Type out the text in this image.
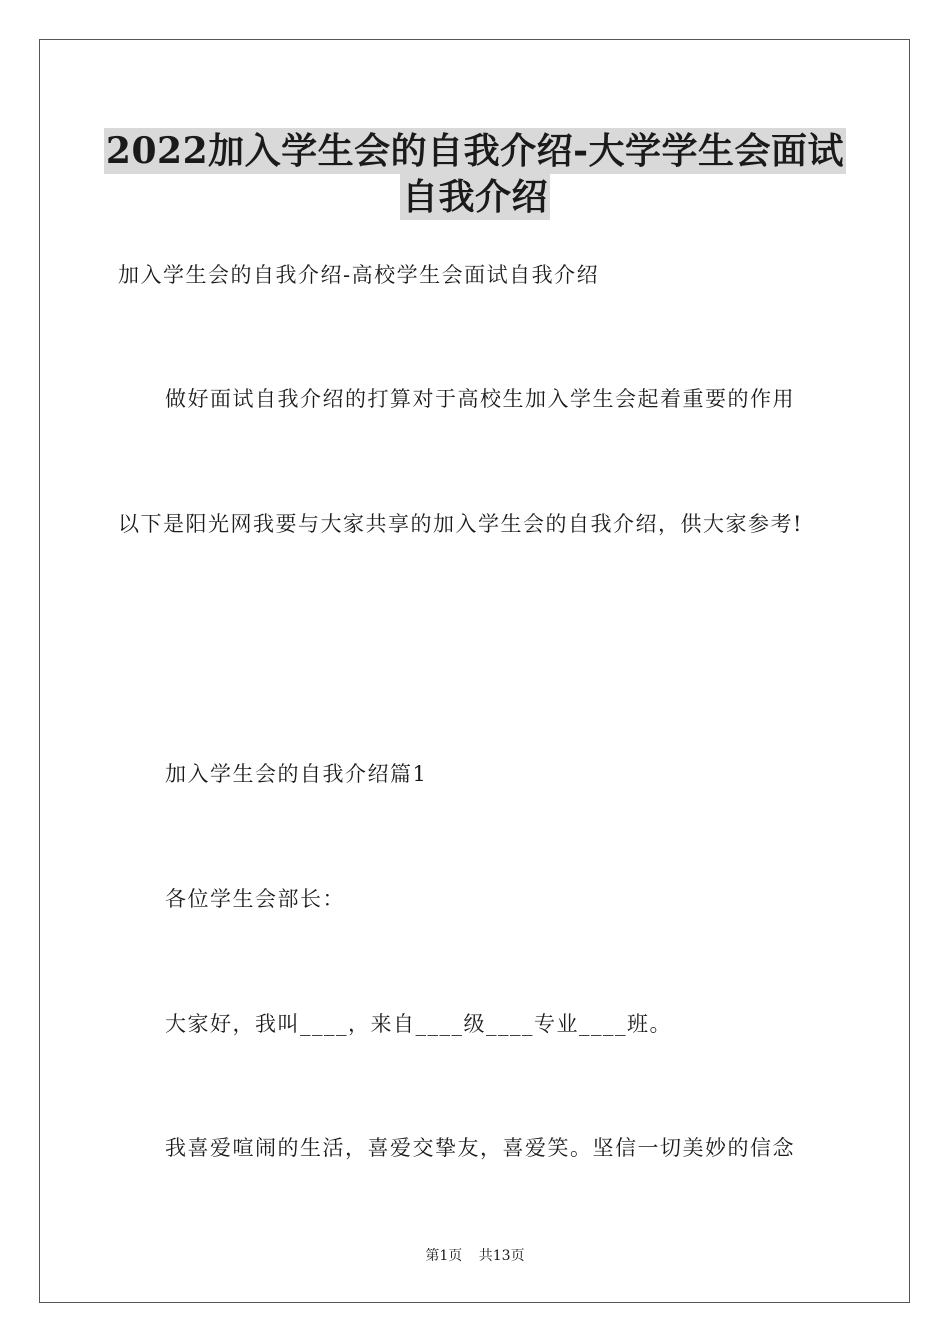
2022加入学生会的自我介绍-大学学生会面试
自我介绍
加入学生会的自我介绍-高校学生会面试自我介绍
做好面试自我介绍的打算对于高校生加入学生会起着重要的作用
以下是阳光网我要与大家共享的加入学生会的自我介绍，供大家参考!
加入学生会的自我介绍篇1
各位学生会部长：
大家好，我叫____，来自____级____专业____班。
我喜爱喧闹的生活，喜爱交挚友，喜爱笑。坚信一切美妙的信念
第1页 共13页
